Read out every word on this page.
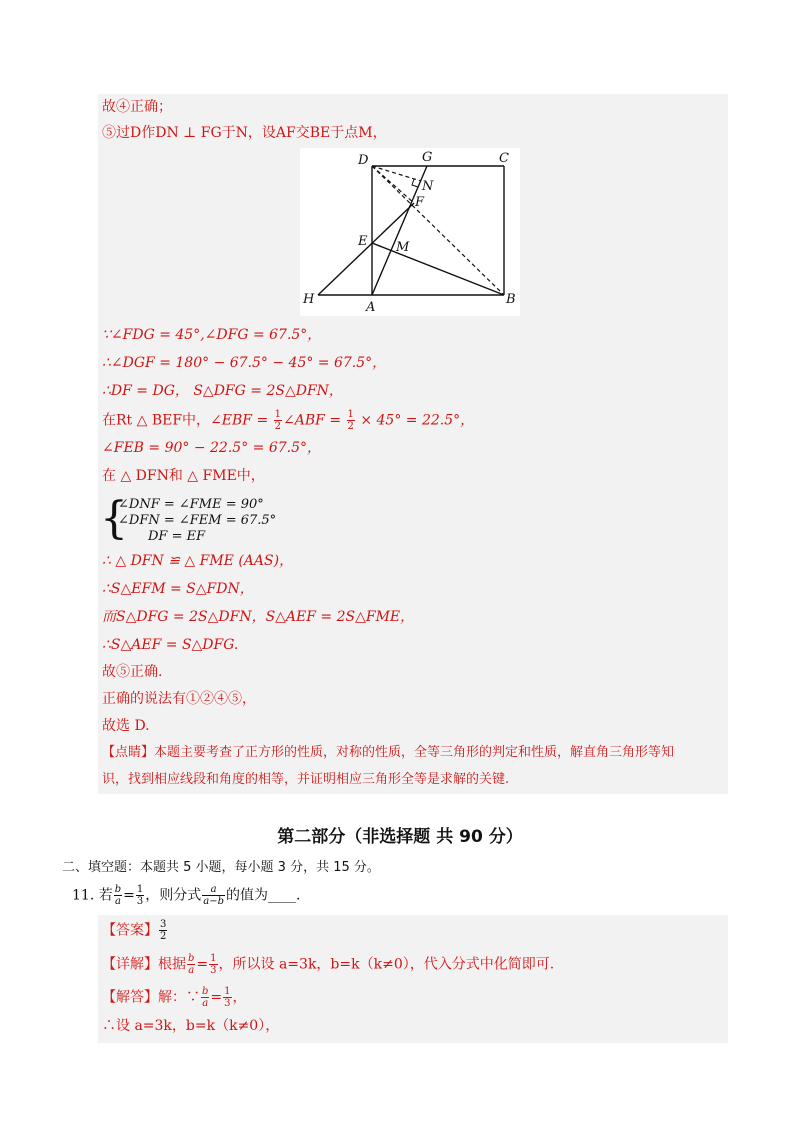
故④正确；
⑤过D作DN ⊥ FG于N，设AF交BE于点M，
D	G	C
N
F
E M
H
A
B
∵∠FDG = 45°,∠DFG = 67.5°，
∴∠DGF = 180° − 67.5° − 45° = 67.5°，
∴DF = DG， S△DFG = 2S△DFN，
在Rt △ BEF中，∠EBF = $\frac{1}{2}$ ∠ABF = $\frac{1}{2} \times 45^\circ = 22.5^\circ$，
∠FEB = 90° − 22.5° = 67.5°，
在 △ DFN和 △ FME中，
{
∠DNF = ∠FME = 90°
∠DFN = ∠FEM = 67.5°
DF = EF
∴ △ DFN ≌ △ FME (AAS)，
∴S△EFM = S△FDN，
而S△DFG = 2S△DFN，S△AEF = 2S△FME，
∴S△AEF = S△DFG.
故⑤正确.
正确的说法有①②④⑤，
故选 D.
【点睛】本题主要考查了正方形的性质，对称的性质，全等三角形的判定和性质，解直角三角形等知
识，找到相应线段和角度的相等，并证明相应三角形全等是求解的关键.
第二部分（非选择题 共 90 分）
二、填空题：本题共 5 小题，每小题 3 分，共 15 分。
11. 若 $\frac{b}{a} = \frac{1}{3}$ ，则分式 $\frac{a}{a-b}$ 的值为____.
【答案】 $\frac{3}{2}$
【详解】根据 $\frac{b}{a} = \frac{1}{3}$ ，所以设 a=3k，b=k（k≠0），代入分式中化简即可.
【解答】解：∵ $\frac{b}{a} = \frac{1}{3}$ ，
∴设 a=3k，b=k（k≠0），
